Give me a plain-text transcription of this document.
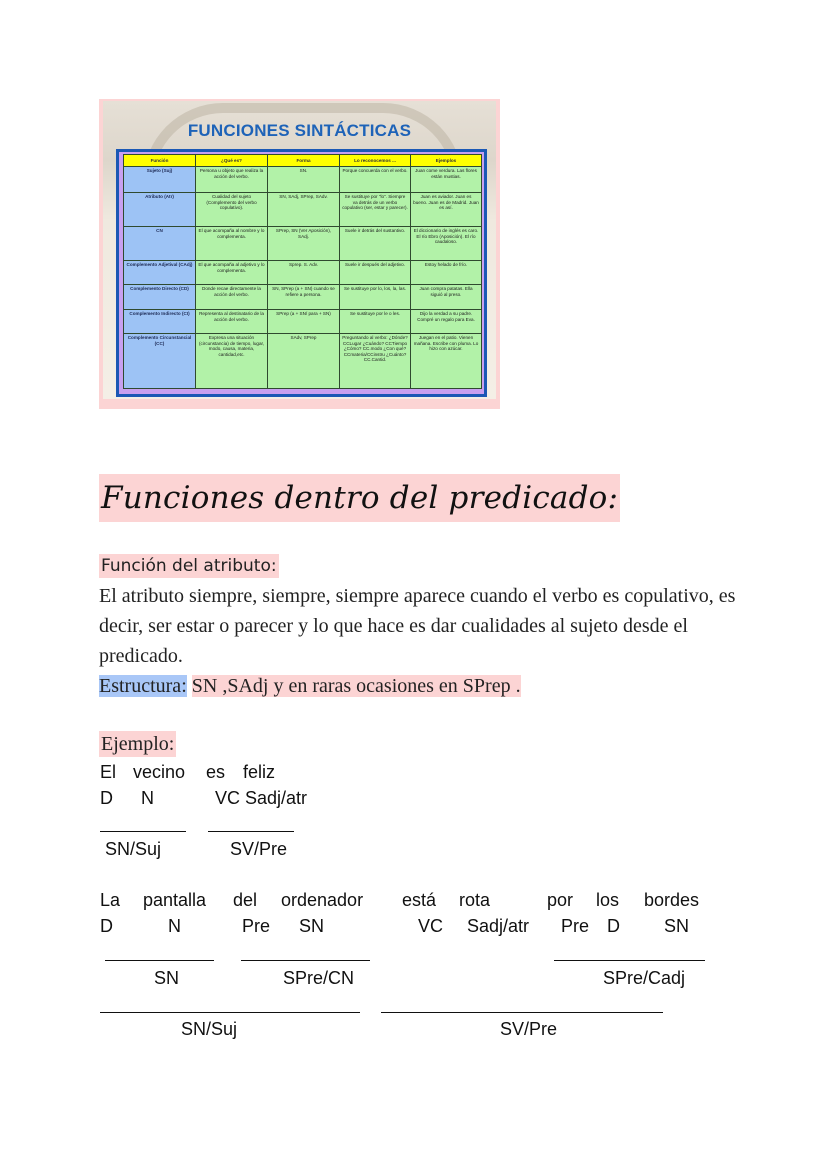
FUNCIONES SINTÁCTICAS
Función	¿Qué es?	Forma	Lo reconocemos ...	Ejemplos
Sujeto (Suj)	Persona u objeto que realiza la acción del verbo.	SN.	Porque concuerda con el verbo.	Juan come verdura. Las flores están mustias.
Atributo (Atr)	Cualidad del sujeto (Complemento del verbo copulativo).	SN, SAdj, SPrep, SAdv.	Se sustituye por "lo". Siempre va detrás de un verbo copulativo (ser, estar y parecer).	Juan es aviador. Juan es bueno. Juan es de Madrid. Juan es así.
CN	El que acompaña al nombre y lo complementa.	SPrep, SN (Ver Aposición), SAdj.	Suele ir detrás del sustantivo.	El diccionario de inglés es caro. El río Ebro (Aposición). El río caudaloso.
Complemento Adjetival (CAdj)	El que acompaña al adjetivo y lo complementa.	Sprep. S. Adv.	Suele ir después del adjetivo.	Estoy helado de frío.
Complemento Directo (CD)	Donde recae directamente la acción del verbo.	SN, SPrep (a + SN) cuando se refiere a persona.	Se sustituye por lo, los, la, las.	Juan compra patatas. Ella siguió al preso.
Complemento Indirecto (CI)	Representa al destinatario de la acción del verbo.	SPrep (a + SN/ para + SN)	Se sustituye por le o les.	Dijo la verdad a su padre. Compré un regalo para Eva.
Complemento Circunstancial (CC)	Expresa una situación (circunstancia) de tiempo, lugar, modo, causa, materia, cantidad,etc.	SAdv, SPrep	Preguntando al verbo: ¿Dónde? CCLugar ¿Cuándo? CCTiempo ¿Cómo? CC.modo ¿Con qué? CCmateria/CCinstru ¿Cuánto? CC.Cantid.	Juegan en el patio. Vienen mañana. Escribe con pluma. Lo hizo con azúcar.
Funciones dentro del predicado:
Función del atributo:
El atributo siempre, siempre, siempre aparece cuando el verbo es copulativo, es decir, ser estar o parecer y lo que hace es dar cualidades al sujeto desde el predicado.
Estructura: SN ,SAdj y en raras ocasiones en SPrep .
Ejemplo:
El vecino es feliz
D N	VC Sadj/atr
SN/Suj	SV/Pre
La pantalla del ordenador está rota	por los bordes
D	N	Pre SN	VC Sadj/atr Pre D SN
SN	SPre/CN	SPre/Cadj
SN/Suj	SV/Pre
